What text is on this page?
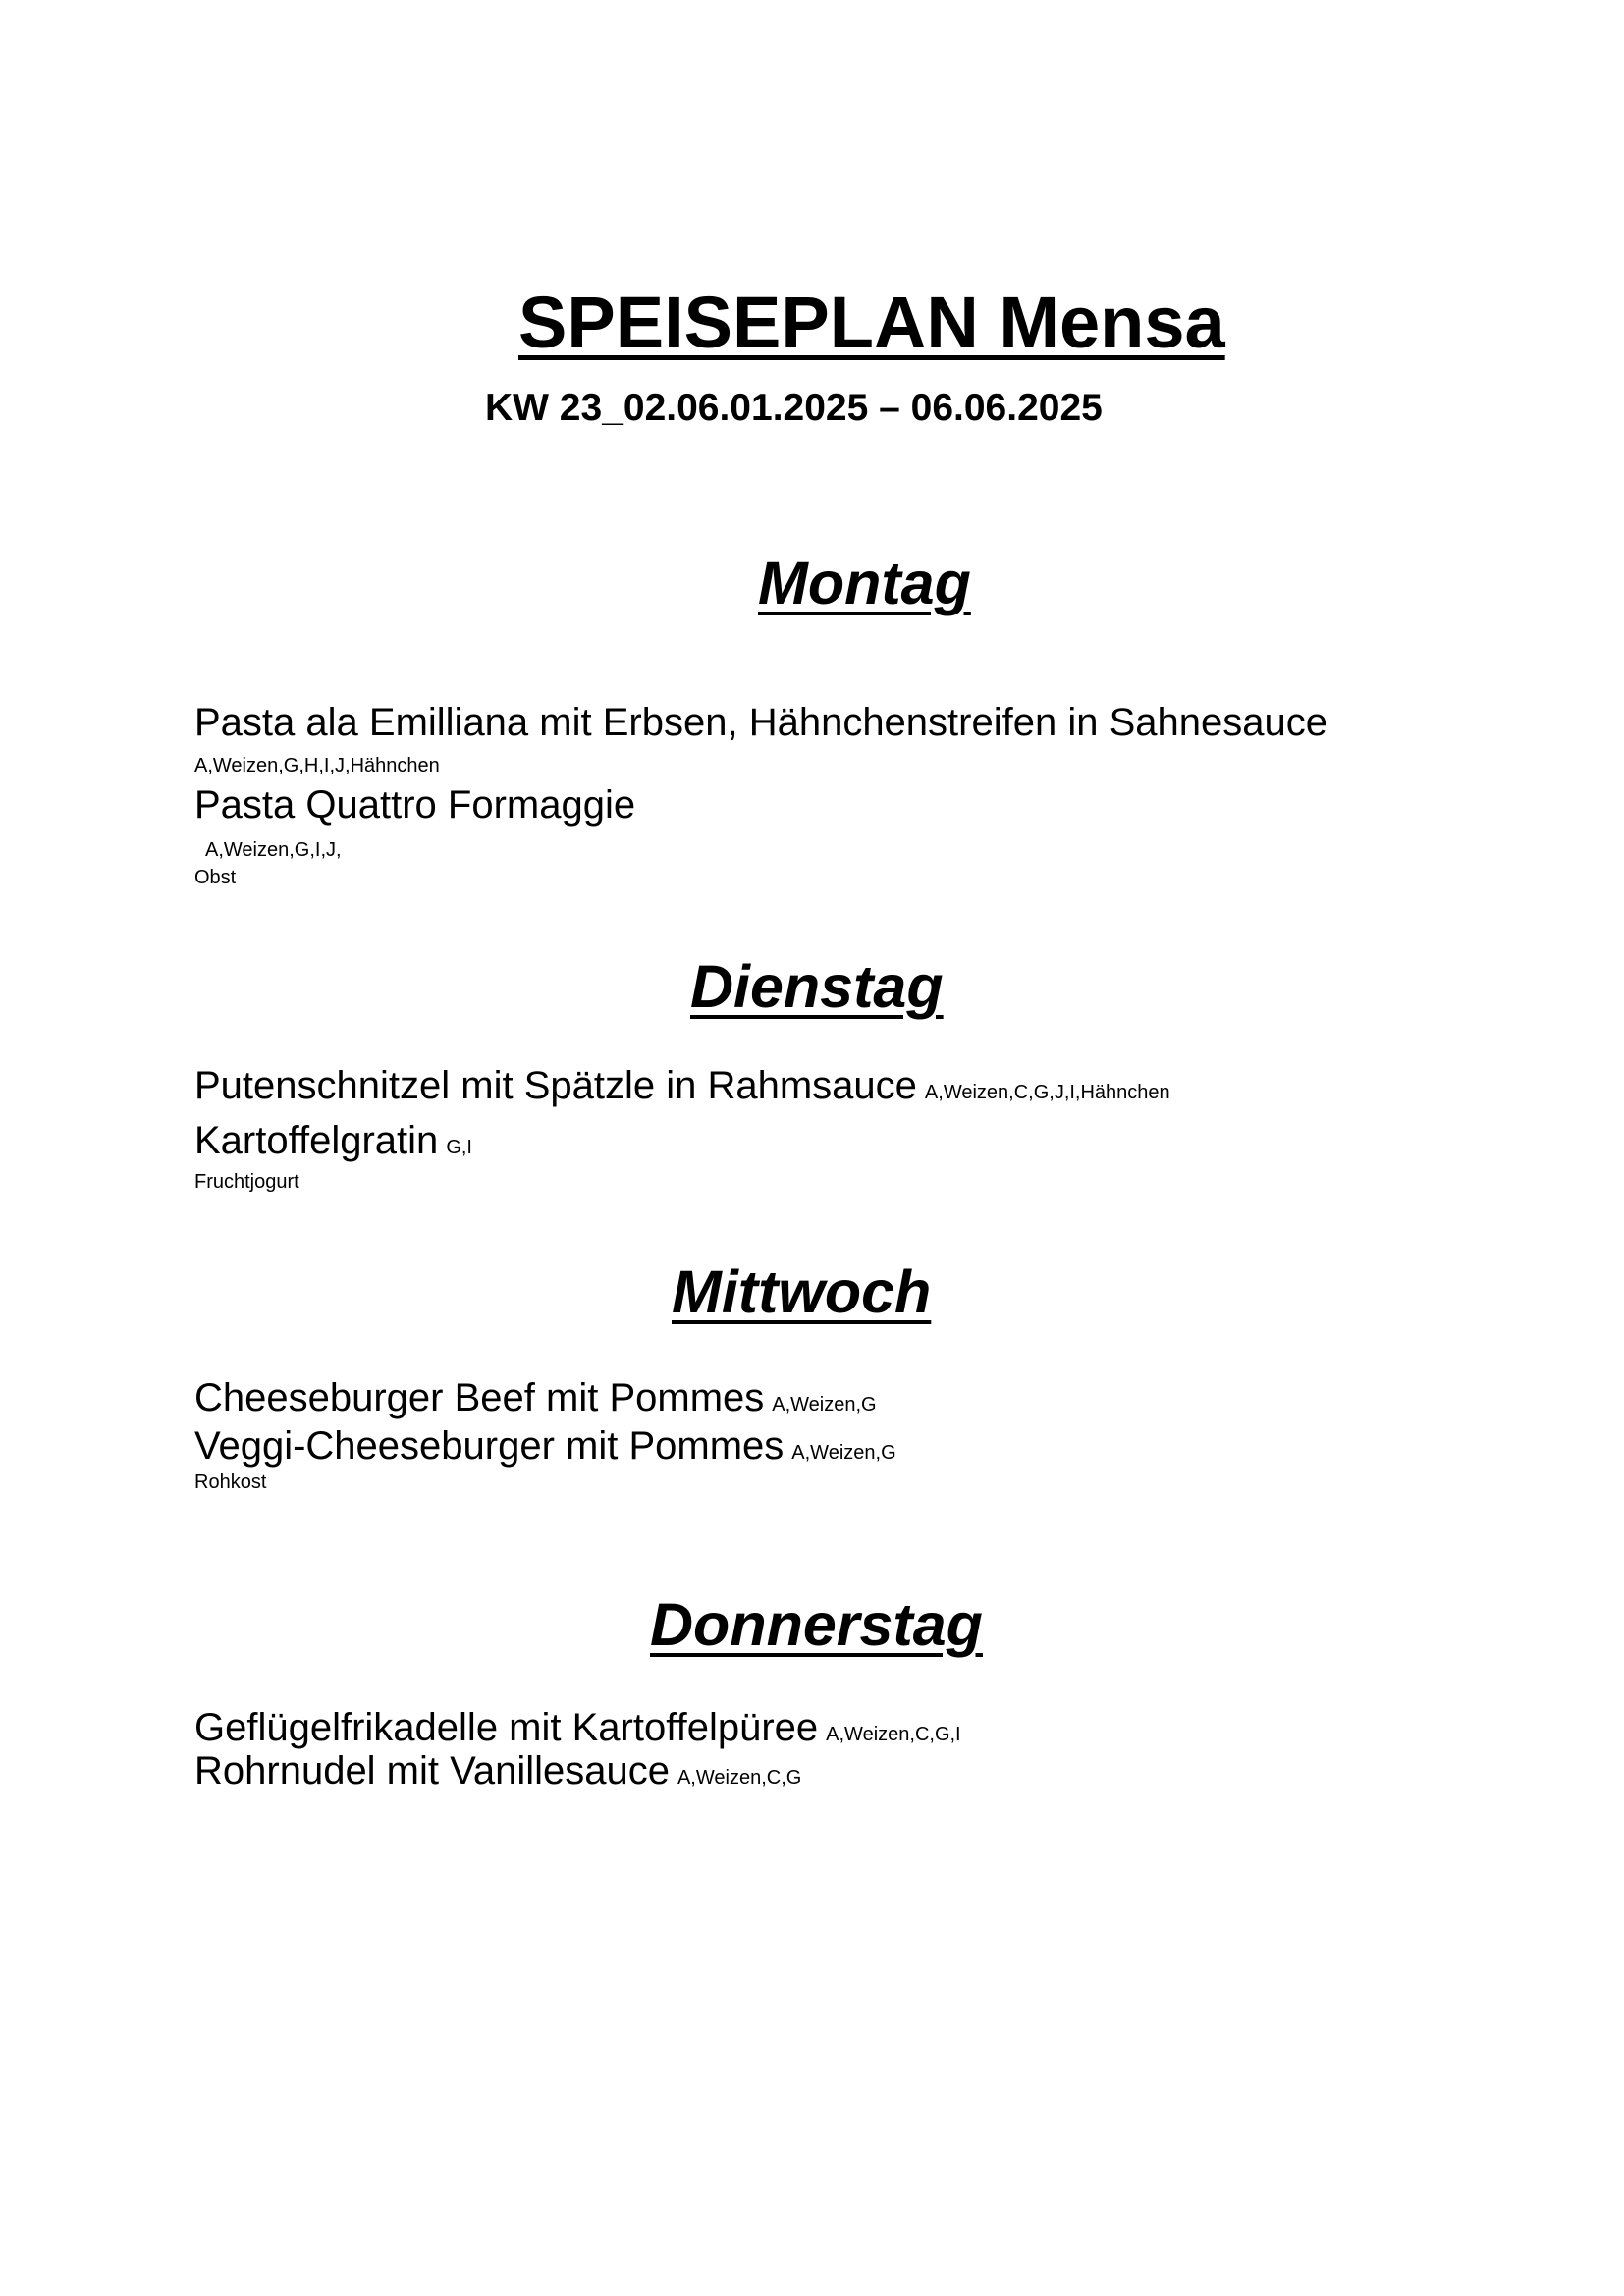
SPEISEPLAN Mensa
KW 23_02.06.01.2025 – 06.06.2025
Montag
Pasta ala Emilliana mit Erbsen, Hähnchenstreifen in Sahnesauce
A,Weizen,G,H,I,J,Hähnchen
Pasta Quattro Formaggie
A,Weizen,G,I,J,
Obst
Dienstag
Putenschnitzel mit Spätzle in Rahmsauce A,Weizen,C,G,J,I,Hähnchen
Kartoffelgratin G,I
Fruchtjogurt
Mittwoch
Cheeseburger Beef mit Pommes A,Weizen,G
Veggi-Cheeseburger mit Pommes A,Weizen,G
Rohkost
Donnerstag
Geflügelfrikadelle mit Kartoffelpüree A,Weizen,C,G,I
Rohrnudel mit Vanillesauce A,Weizen,C,G
